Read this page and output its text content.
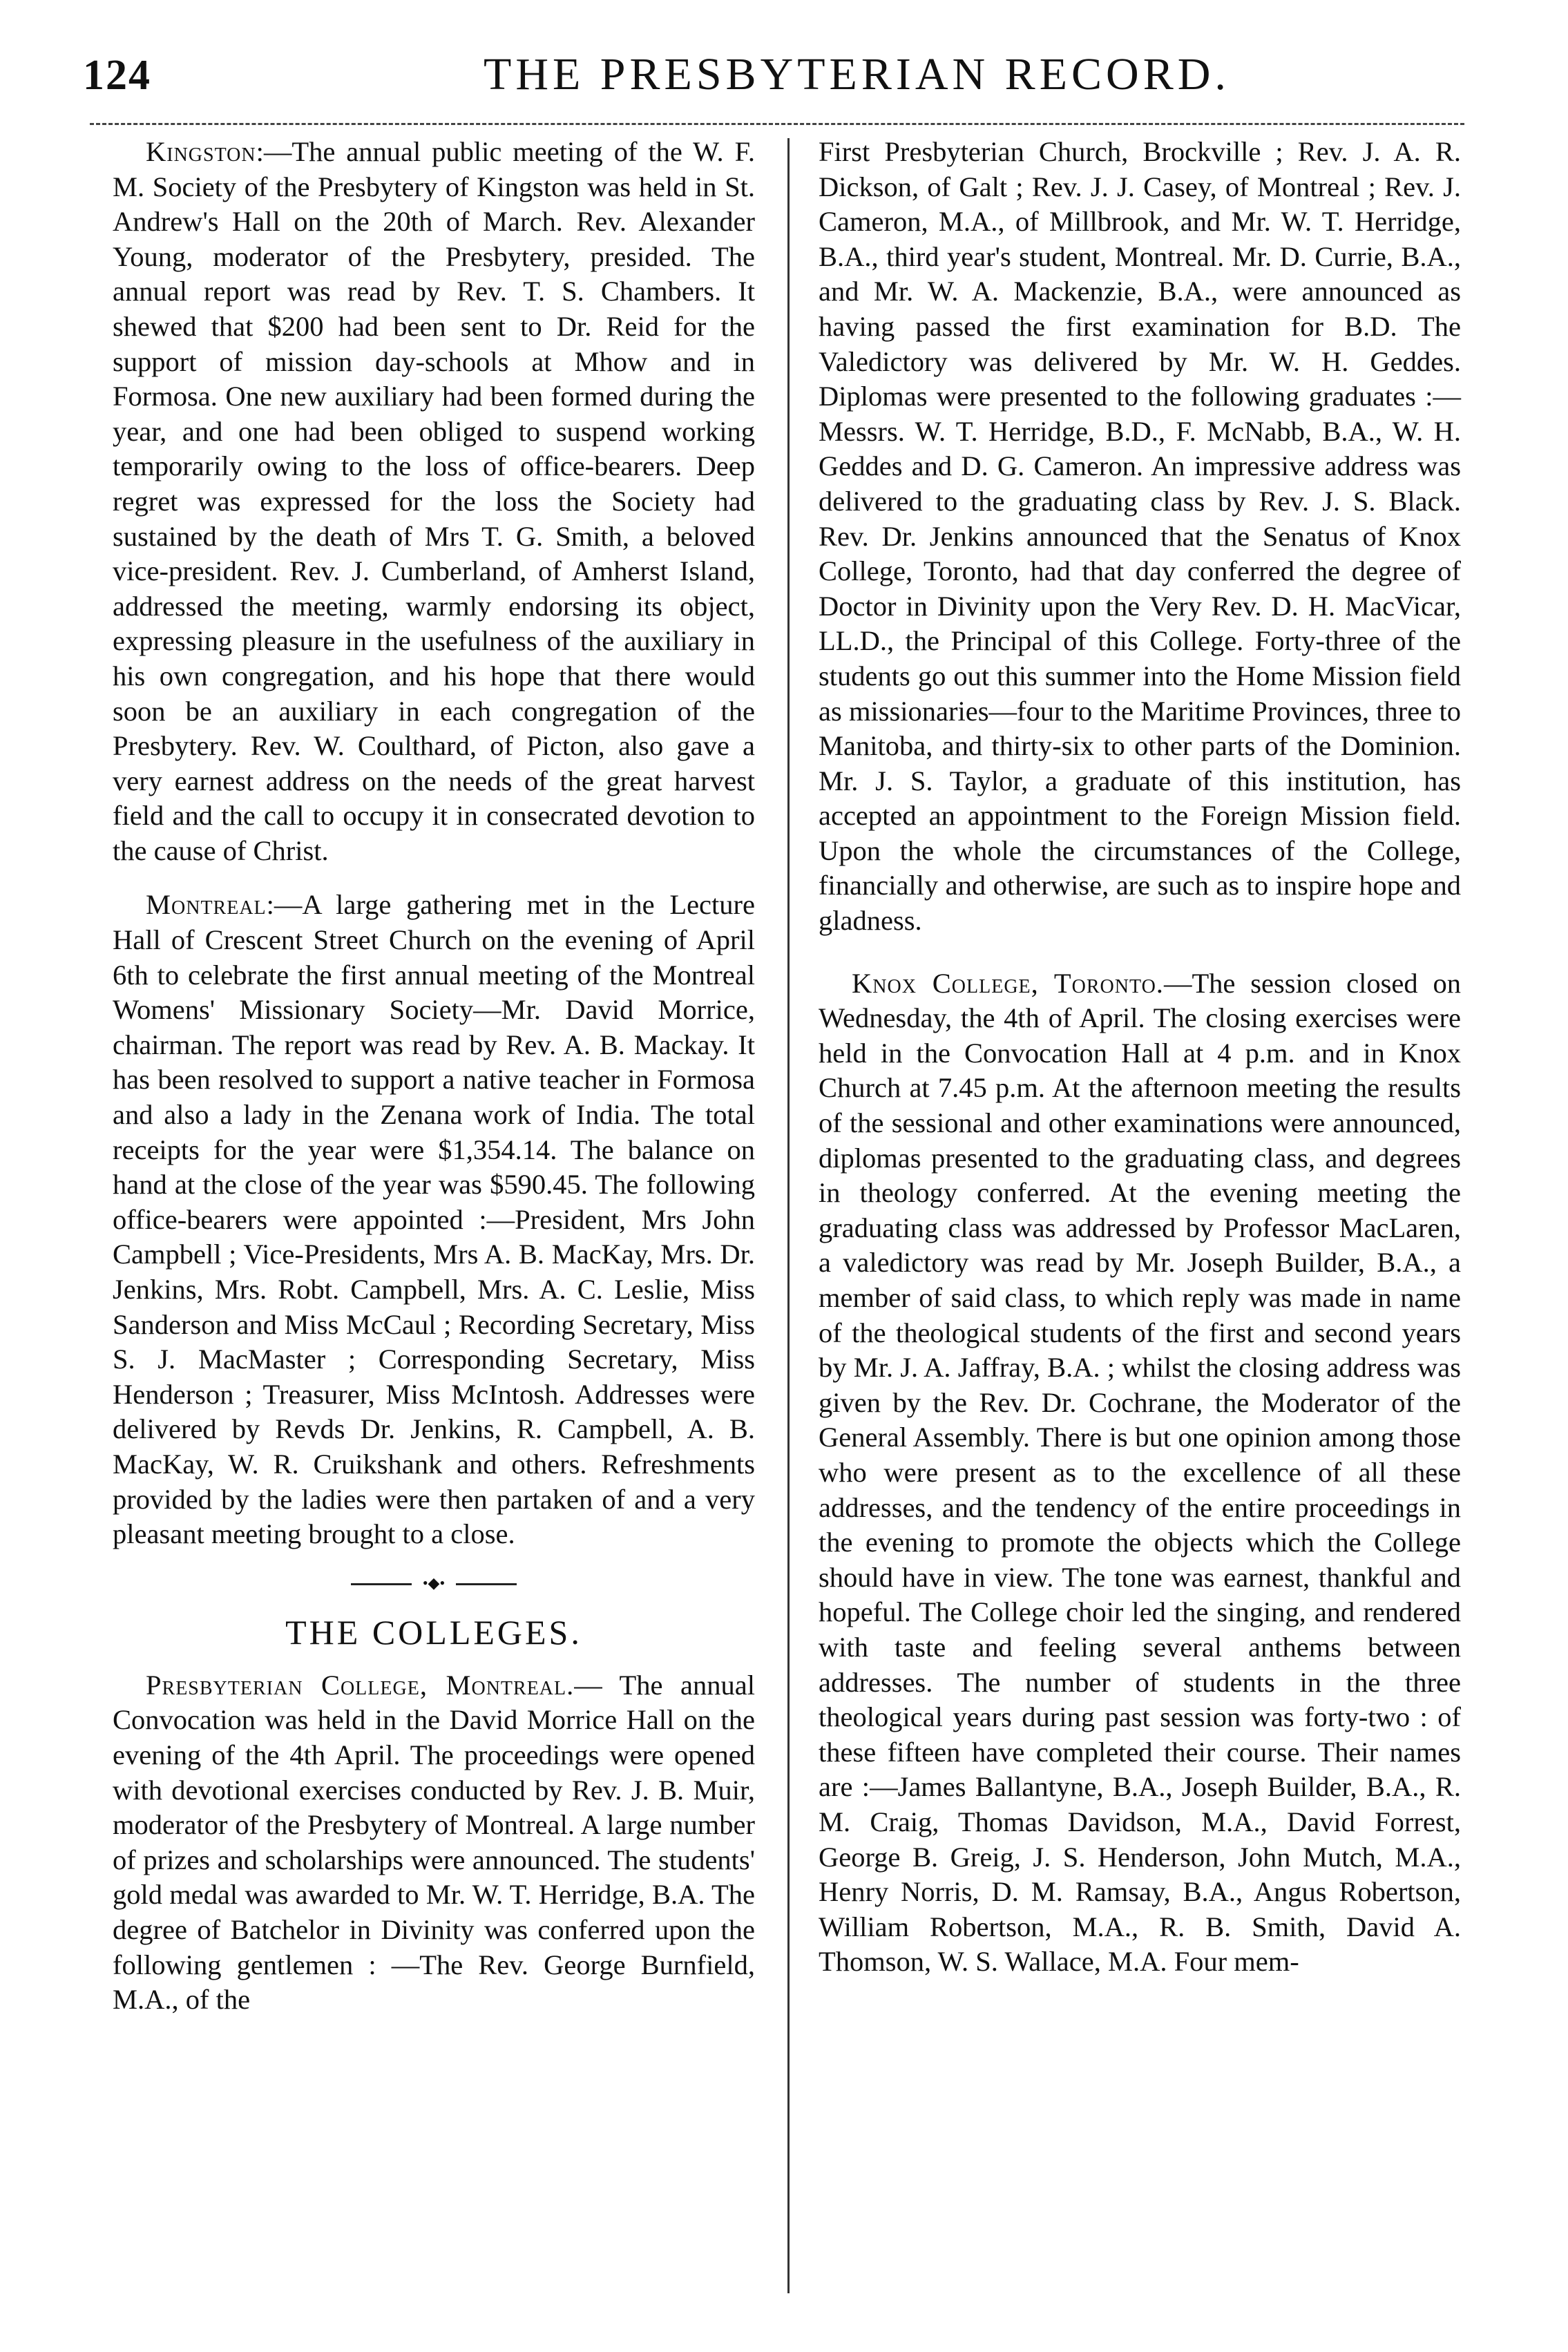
124	THE PRESBYTERIAN RECORD.

Kingston:—The annual public meeting of the W. F. M. Society of the Presbytery of Kingston was held in St. Andrew's Hall on the 20th of March. Rev. Alexander Young, moderator of the Presbytery, presided. The annual report was read by Rev. T. S. Chambers. It shewed that $200 had been sent to Dr. Reid for the support of mission day-schools at Mhow and in Formosa. One new auxiliary had been formed during the year, and one had been obliged to suspend working temporarily owing to the loss of office-bearers. Deep regret was expressed for the loss the Society had sustained by the death of Mrs T. G. Smith, a beloved vice-president. Rev. J. Cumberland, of Amherst Island, addressed the meeting, warmly endorsing its object, expressing pleasure in the usefulness of the auxiliary in his own congregation, and his hope that there would soon be an auxiliary in each congregation of the Presbytery. Rev. W. Coulthard, of Picton, also gave a very earnest address on the needs of the great harvest field and the call to occupy it in consecrated devotion to the cause of Christ.

Montreal:—A large gathering met in the Lecture Hall of Crescent Street Church on the evening of April 6th to celebrate the first annual meeting of the Montreal Womens' Missionary Society—Mr. David Morrice, chairman. The report was read by Rev. A. B. Mackay. It has been resolved to support a native teacher in Formosa and also a lady in the Zenana work of India. The total receipts for the year were $1,354.14. The balance on hand at the close of the year was $590.45. The following office-bearers were appointed :—President, Mrs John Campbell ; Vice-Presidents, Mrs A. B. MacKay, Mrs. Dr. Jenkins, Mrs. Robt. Campbell, Mrs. A. C. Leslie, Miss Sanderson and Miss McCaul ; Recording Secretary, Miss S. J. MacMaster ; Corresponding Secretary, Miss Henderson ; Treasurer, Miss McIntosh. Addresses were delivered by Revds Dr. Jenkins, R. Campbell, A. B. MacKay, W. R. Cruikshank and others. Refreshments provided by the ladies were then partaken of and a very pleasant meeting brought to a close.

•◆•
THE COLLEGES.

Presbyterian College, Montreal.— The annual Convocation was held in the David Morrice Hall on the evening of the 4th April. The proceedings were opened with devotional exercises conducted by Rev. J. B. Muir, moderator of the Presbytery of Montreal. A large number of prizes and scholarships were announced. The students' gold medal was awarded to Mr. W. T. Herridge, B.A. The degree of Batchelor in Divinity was conferred upon the following gentlemen : —The Rev. George Burnfield, M.A., of the

First Presbyterian Church, Brockville ; Rev. J. A. R. Dickson, of Galt ; Rev. J. J. Casey, of Montreal ; Rev. J. Cameron, M.A., of Millbrook, and Mr. W. T. Herridge, B.A., third year's student, Montreal. Mr. D. Currie, B.A., and Mr. W. A. Mackenzie, B.A., were announced as having passed the first examination for B.D. The Valedictory was delivered by Mr. W. H. Geddes. Diplomas were presented to the following graduates :—Messrs. W. T. Herridge, B.D., F. McNabb, B.A., W. H. Geddes and D. G. Cameron. An impressive address was delivered to the graduating class by Rev. J. S. Black. Rev. Dr. Jenkins announced that the Senatus of Knox College, Toronto, had that day conferred the degree of Doctor in Divinity upon the Very Rev. D. H. MacVicar, LL.D., the Principal of this College. Forty-three of the students go out this summer into the Home Mission field as missionaries—four to the Maritime Provinces, three to Manitoba, and thirty-six to other parts of the Dominion. Mr. J. S. Taylor, a graduate of this institution, has accepted an appointment to the Foreign Mission field. Upon the whole the circumstances of the College, financially and otherwise, are such as to inspire hope and gladness.

Knox College, Toronto.—The session closed on Wednesday, the 4th of April. The closing exercises were held in the Convocation Hall at 4 p.m. and in Knox Church at 7.45 p.m. At the afternoon meeting the results of the sessional and other examinations were announced, diplomas presented to the graduating class, and degrees in theology conferred. At the evening meeting the graduating class was addressed by Professor MacLaren, a valedictory was read by Mr. Joseph Builder, B.A., a member of said class, to which reply was made in name of the theological students of the first and second years by Mr. J. A. Jaffray, B.A. ; whilst the closing address was given by the Rev. Dr. Cochrane, the Moderator of the General Assembly. There is but one opinion among those who were present as to the excellence of all these addresses, and the tendency of the entire proceedings in the evening to promote the objects which the College should have in view. The tone was earnest, thankful and hopeful. The College choir led the singing, and rendered with taste and feeling several anthems between addresses. The number of students in the three theological years during past session was forty-two : of these fifteen have completed their course. Their names are :—James Ballantyne, B.A., Joseph Builder, B.A., R. M. Craig, Thomas Davidson, M.A., David Forrest, George B. Greig, J. S. Henderson, John Mutch, M.A., Henry Norris, D. M. Ramsay, B.A., Angus Robertson, William Robertson, M.A., R. B. Smith, David A. Thomson, W. S. Wallace, M.A. Four mem-
